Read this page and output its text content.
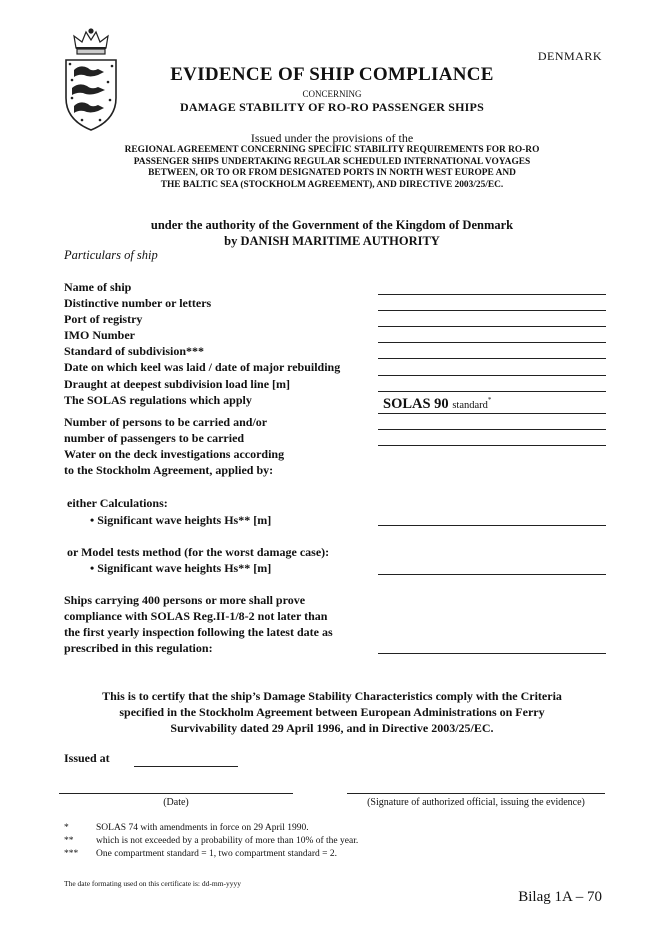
DENMARK
EVIDENCE OF SHIP COMPLIANCE
CONCERNING
DAMAGE STABILITY OF RO-RO PASSENGER SHIPS
Issued under the provisions of the
REGIONAL AGREEMENT CONCERNING SPECIFIC STABILITY REQUIREMENTS FOR RO-RO
PASSENGER SHIPS UNDERTAKING REGULAR SCHEDULED INTERNATIONAL VOYAGES
BETWEEN, OR TO OR FROM DESIGNATED PORTS IN NORTH WEST EUROPE AND
THE BALTIC SEA (STOCKHOLM AGREEMENT), AND DIRECTIVE 2003/25/EC.
under the authority of the Government of the Kingdom of Denmark
by DANISH MARITIME AUTHORITY
Particulars of ship
Name of ship
Distinctive number or letters
Port of registry
IMO Number
Standard of subdivision***
Date on which keel was laid / date of major rebuilding
Draught at deepest subdivision load line [m]
The SOLAS regulations which apply
Number of persons to be carried and/or
number of passengers to be carried
Water on the deck investigations according
to the Stockholm Agreement, applied by:
SOLAS 90 standard*
either Calculations:
• Significant wave heights Hs** [m]
or Model tests method (for the worst damage case):
• Significant wave heights Hs** [m]
Ships carrying 400 persons or more shall prove
compliance with SOLAS Reg.II-1/8-2 not later than
the first yearly inspection following the latest date as
prescribed in this regulation:
This is to certify that the ship’s Damage Stability Characteristics comply with the Criteria
specified in the Stockholm Agreement between European Administrations on Ferry
Survivability dated 29 April 1996, and in Directive 2003/25/EC.
Issued at
(Date)	(Signature of authorized official, issuing the evidence)
*	SOLAS 74 with amendments in force on 29 April 1990.
** which is not exceeded by a probability of more than 10% of the year.
*** One compartment standard = 1, two compartment standard = 2.
The date formating used on this certificate is: dd-mm-yyyy
Bilag 1A – 70
